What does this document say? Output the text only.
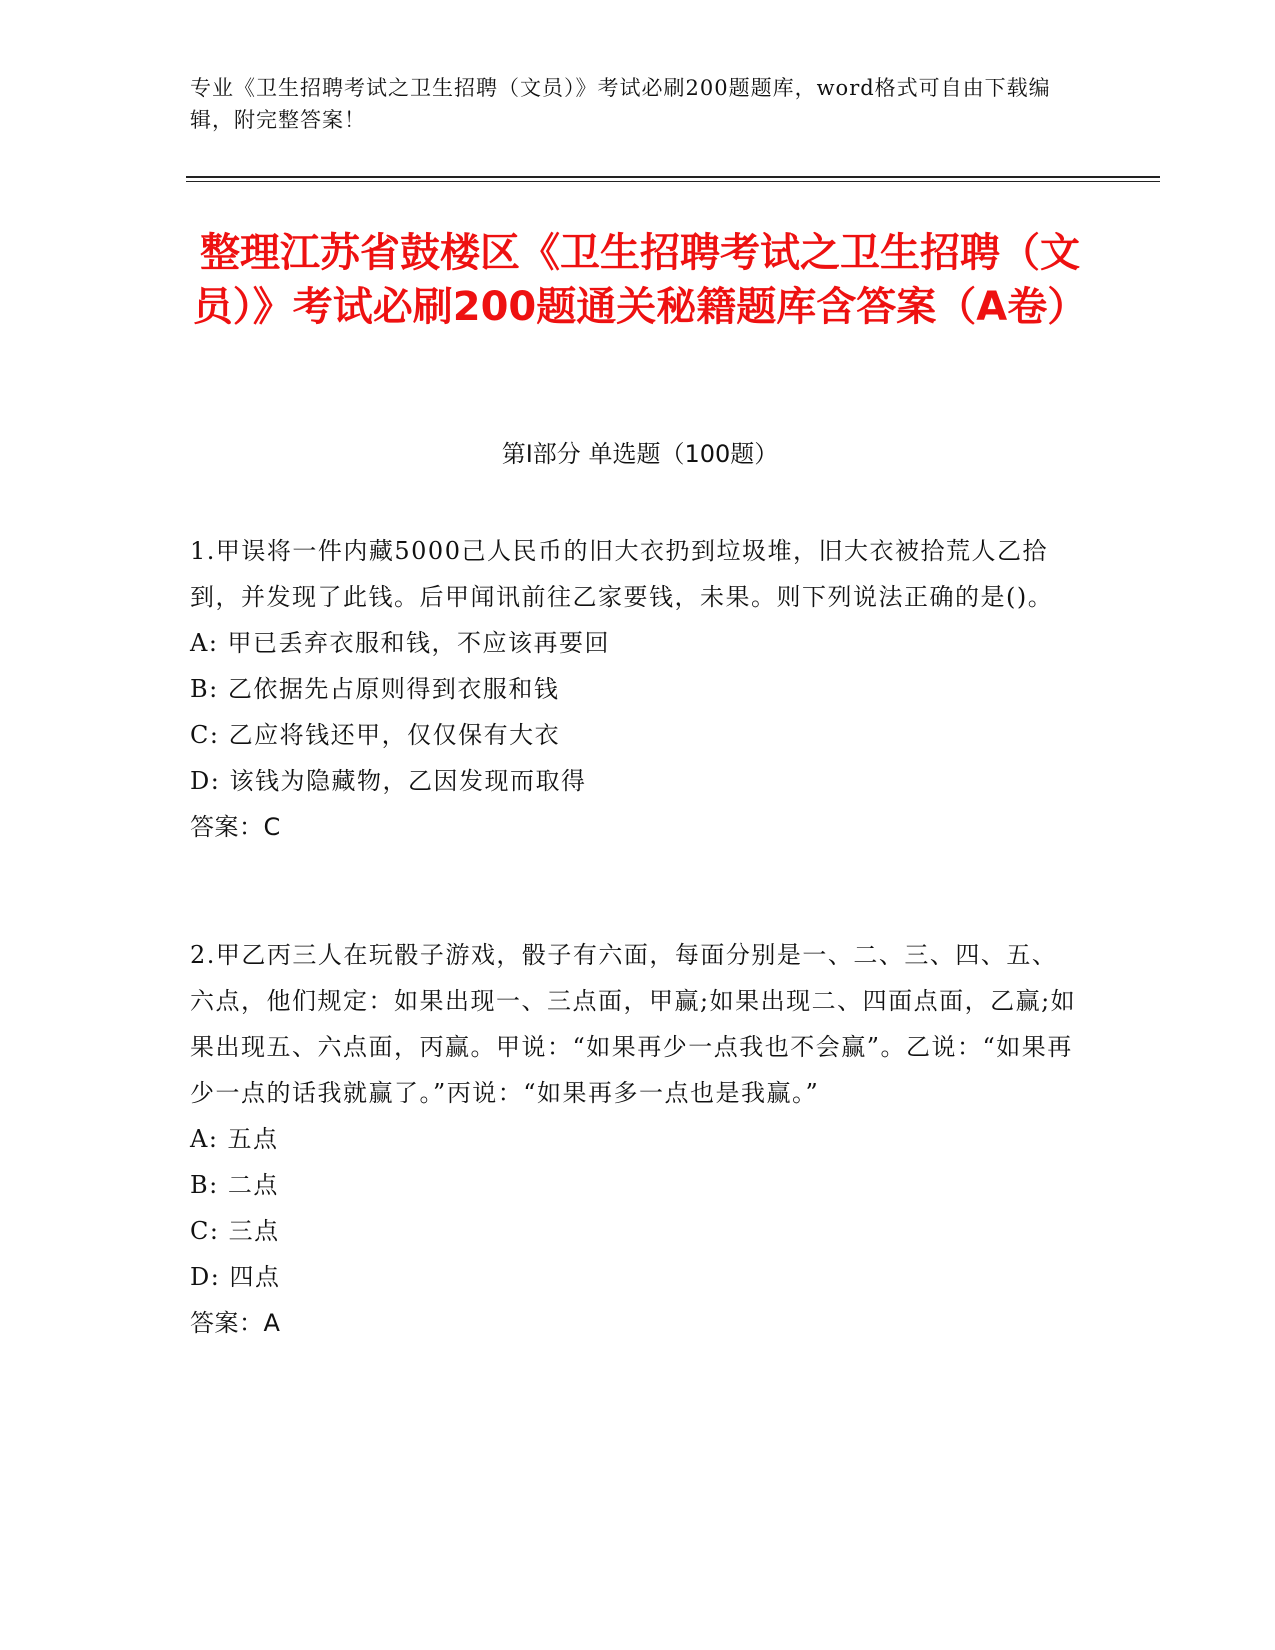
专业《卫生招聘考试之卫生招聘（文员）》考试必刷200题题库，word格式可自由下载编辑，附完整答案！
整理江苏省鼓楼区《卫生招聘考试之卫生招聘（文员）》考试必刷200题通关秘籍题库含答案（A卷）
第Ⅰ部分 单选题（100题）

1.甲误将一件内藏5000己人民币的旧大衣扔到垃圾堆，旧大衣被拾荒人乙拾到，并发现了此钱。后甲闻讯前往乙家要钱，未果。则下列说法正确的是()。

A: 甲已丢弃衣服和钱，不应该再要回

B: 乙依据先占原则得到衣服和钱

C: 乙应将钱还甲，仅仅保有大衣

D: 该钱为隐藏物，乙因发现而取得

答案：C

2.甲乙丙三人在玩骰子游戏，骰子有六面，每面分别是一、二、三、四、五、六点，他们规定：如果出现一、三点面，甲赢;如果出现二、四面点面，乙赢;如果出现五、六点面，丙赢。甲说：“如果再少一点我也不会赢”。乙说：“如果再少一点的话我就赢了。”丙说：“如果再多一点也是我赢。”

A: 五点

B: 二点

C: 三点

D: 四点

答案：A
